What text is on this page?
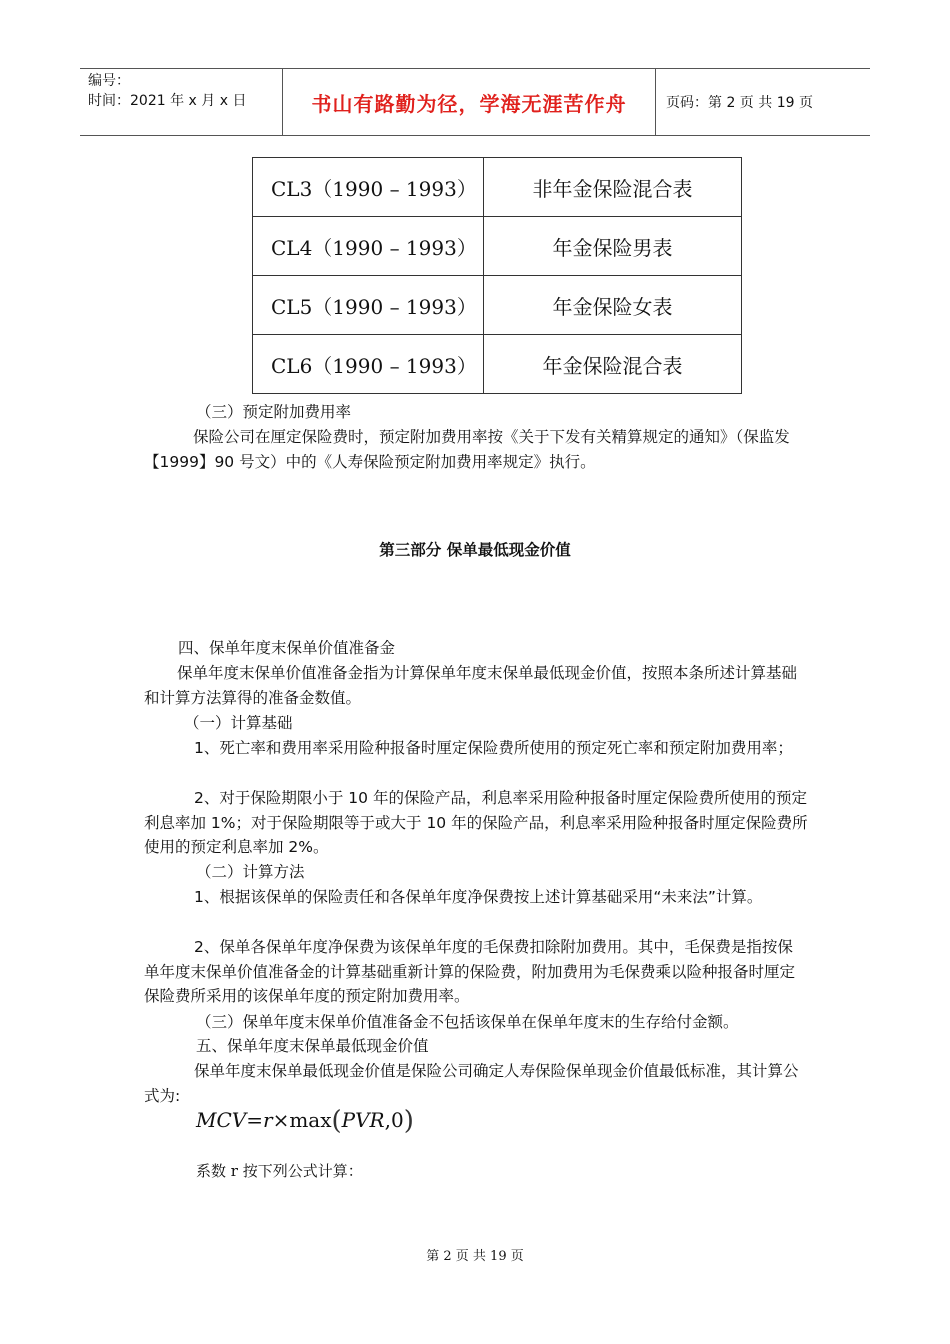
编号：
时间：2021 年 x 月 x 日	书山有路勤为径，学海无涯苦作舟	页码：第 2 页 共 19 页
CL3（1990 – 1993）	非年金保险混合表
CL4（1990 – 1993）	年金保险男表
CL5（1990 – 1993）	年金保险女表
CL6（1990 – 1993）	年金保险混合表

（三）预定附加费用率

保险公司在厘定保险费时，预定附加费用率按《关于下发有关精算规定的通知》（保监发【1999】90 号文）中的《人寿保险预定附加费用率规定》执行。

第三部分 保单最低现金价值

四、保单年度末保单价值准备金

保单年度末保单价值准备金指为计算保单年度末保单最低现金价值，按照本条所述计算基础和计算方法算得的准备金数值。

（一）计算基础

1、死亡率和费用率采用险种报备时厘定保险费所使用的预定死亡率和预定附加费用率；

2、对于保险期限小于 10 年的保险产品，利息率采用险种报备时厘定保险费所使用的预定利息率加 1%；对于保险期限等于或大于 10 年的保险产品，利息率采用险种报备时厘定保险费所使用的预定利息率加 2%。

（二）计算方法

1、根据该保单的保险责任和各保单年度净保费按上述计算基础采用“未来法”计算。

2、保单各保单年度净保费为该保单年度的毛保费扣除附加费用。其中，毛保费是指按保单年度末保单价值准备金的计算基础重新计算的保险费，附加费用为毛保费乘以险种报备时厘定保险费所采用的该保单年度的预定附加费用率。

（三）保单年度末保单价值准备金不包括该保单在保单年度末的生存给付金额。

五、保单年度末保单最低现金价值

保单年度末保单最低现金价值是保险公司确定人寿保险保单现金价值最低标准，其计算公式为:

MCV=r×max(PVR,0)
系数 r 按下列公式计算：
第 2 页 共 19 页
